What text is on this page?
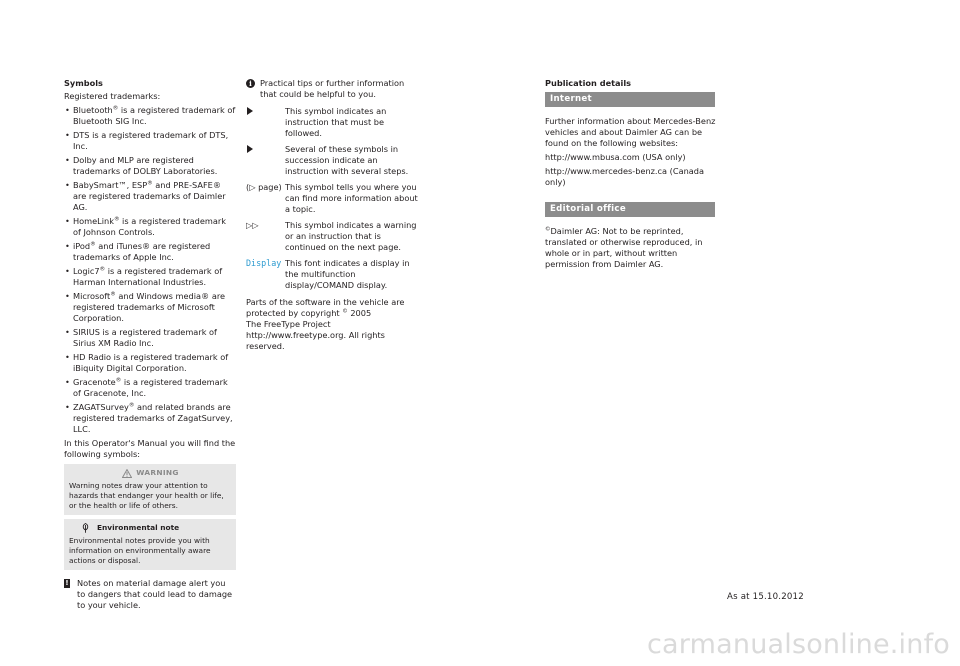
Symbols

Registered trademarks:

• Bluetooth® is a registered trademark of Bluetooth SIG Inc.
• DTS is a registered trademark of DTS, Inc.
• Dolby and MLP are registered trademarks of DOLBY Laboratories.
• BabySmart™, ESP® and PRE-SAFE® are registered trademarks of Daimler AG.
• HomeLink® is a registered trademark of Johnson Controls.
• iPod® and iTunes® are registered trademarks of Apple Inc.
• Logic7® is a registered trademark of Harman International Industries.
• Microsoft® and Windows media® are registered trademarks of Microsoft Corporation.
• SIRIUS is a registered trademark of Sirius XM Radio Inc.
• HD Radio is a registered trademark of iBiquity Digital Corporation.
• Gracenote® is a registered trademark of Gracenote, Inc.
• ZAGATSurvey® and related brands are registered trademarks of ZagatSurvey, LLC.

In this Operator's Manual you will find the following symbols:

WARNING
Warning notes draw your attention to hazards that endanger your health or life, or the health or life of others.
Environmental note
Environmental notes provide you with information on environmentally aware actions or disposal.
! Notes on material damage alert you to dangers that could lead to damage to your vehicle.
i Practical tips or further information that could be helpful to you.
This symbol indicates an instruction that must be followed.
Several of these symbols in succession indicate an instruction with several steps.
(▷ page) This symbol tells you where you can find more information about a topic.
▷▷	This symbol indicates a warning or an instruction that is continued on the next page.
Display This font indicates a display in the multifunction display/COMAND display.
Parts of the software in the vehicle are
protected by copyright © 2005
The FreeType Project
http://www.freetype.org. All rights reserved.
Publication details
Internet

Further information about Mercedes-Benz vehicles and about Daimler AG can be found on the following websites:

http://www.mbusa.com (USA only)

http://www.mercedes-benz.ca (Canada only)

Editorial office

©Daimler AG: Not to be reprinted, translated or otherwise reproduced, in whole or in part, without written permission from Daimler AG.

As at 15.10.2012
carmanualsonline.info
